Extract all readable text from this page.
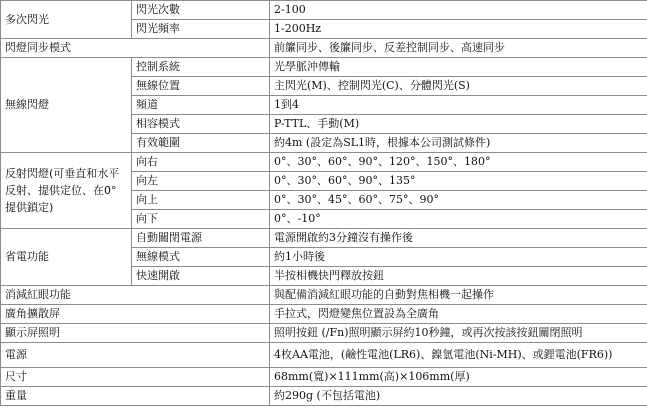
多次閃光	閃光次數	2-100
	閃光頻率	1-200Hz
閃燈同步模式		前簾同步、後簾同步、反差控制同步、高速同步
無線閃燈	控制系統	光學脈沖傳輸
	無線位置	主閃光(M)、控制閃光(C)、分體閃光(S)
	頻道	1到4
	相容模式	P-TTL、手動(M)
	有效範圍	約4m (設定為SL1時，根據本公司測試條件)
反射閃燈(可垂直和水平反射、提供定位、在0°提供鎖定)	向右	0°、30°、60°、90°、120°、150°、180°
	向左	0°、30°、60°、90°、135°
	向上	0°、30°、45°、60°、75°、90°
	向下	0°、-10°
省電功能	自動關閉電源	電源開啟約3分鐘沒有操作後
	無線模式	約1小時後
	快速開啟	半按相機快門釋放按鈕
消減紅眼功能		與配備消減紅眼功能的自動對焦相機一起操作
廣角擴散屏		手拉式，閃燈變焦位置設為全廣角
顯示屏照明		照明按鈕 (/Fn)照明顯示屏約10秒鐘，或再次按該按鈕關閉照明
電源		4枚AA電池，(鹼性電池(LR6)、鎳氫電池(Ni-MH)、或鋰電池(FR6))
尺寸		68mm(寬)×111mm(高)×106mm(厚)
重量		約290g (不包括電池)
